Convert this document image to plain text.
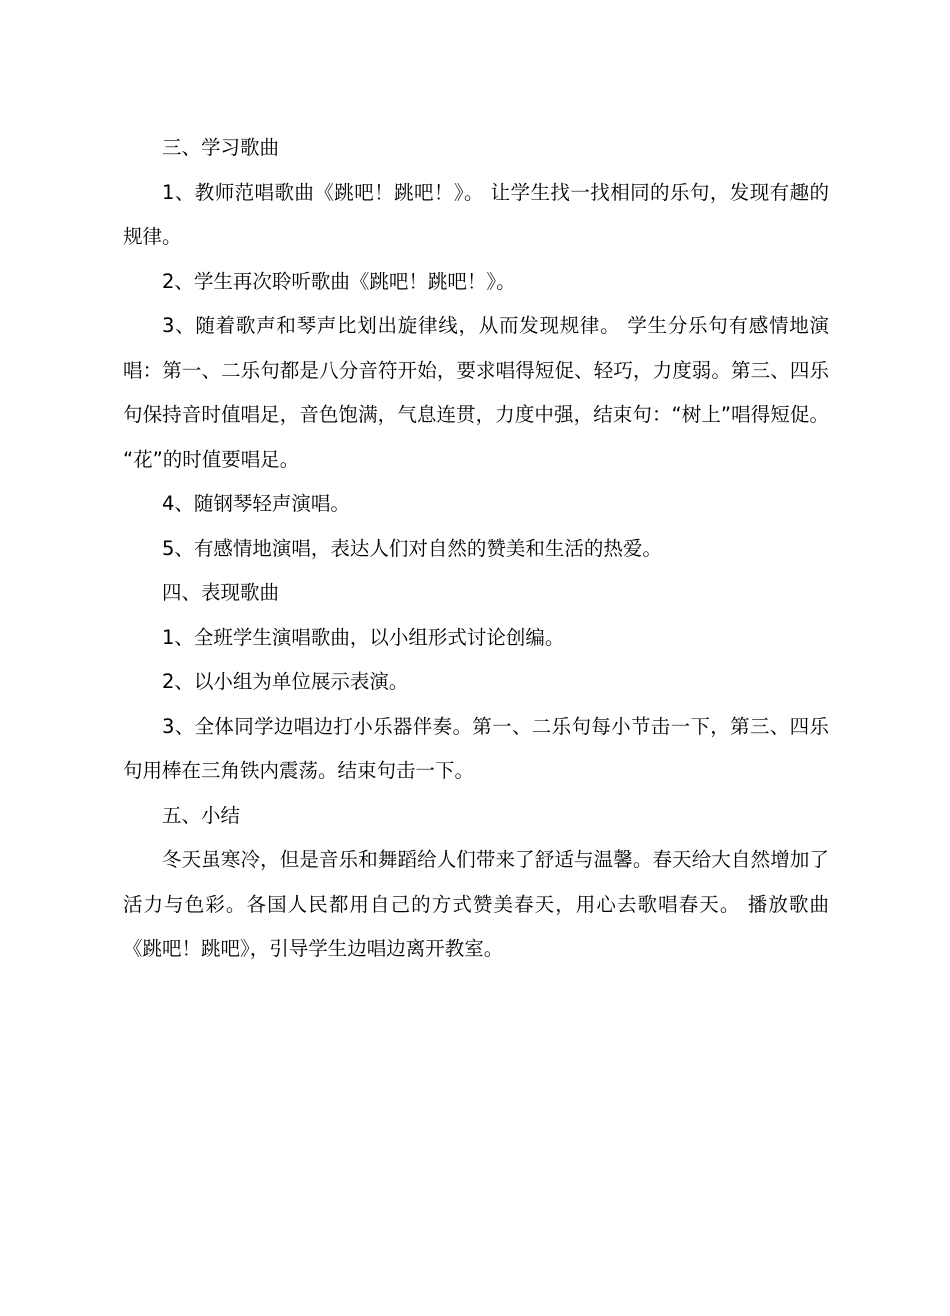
三、学习歌曲

1、教师范唱歌曲《跳吧！跳吧！》。 让学生找一找相同的乐句，发现有趣的规律。

2、学生再次聆听歌曲《跳吧！跳吧！》。

3、随着歌声和琴声比划出旋律线，从而发现规律。 学生分乐句有感情地演唱：第一、二乐句都是八分音符开始，要求唱得短促、轻巧，力度弱。第三、四乐句保持音时值唱足，音色饱满，气息连贯，力度中强，结束句：“树上”唱得短促。 “花”的时值要唱足。

4、随钢琴轻声演唱。

5、有感情地演唱，表达人们对自然的赞美和生活的热爱。

四、表现歌曲

1、全班学生演唱歌曲，以小组形式讨论创编。

2、以小组为单位展示表演。

3、全体同学边唱边打小乐器伴奏。第一、二乐句每小节击一下，第三、四乐句用棒在三角铁内震荡。结束句击一下。

五、小结

冬天虽寒冷，但是音乐和舞蹈给人们带来了舒适与温馨。春天给大自然增加了活力与色彩。各国人民都用自己的方式赞美春天，用心去歌唱春天。 播放歌曲《跳吧！跳吧》，引导学生边唱边离开教室。
